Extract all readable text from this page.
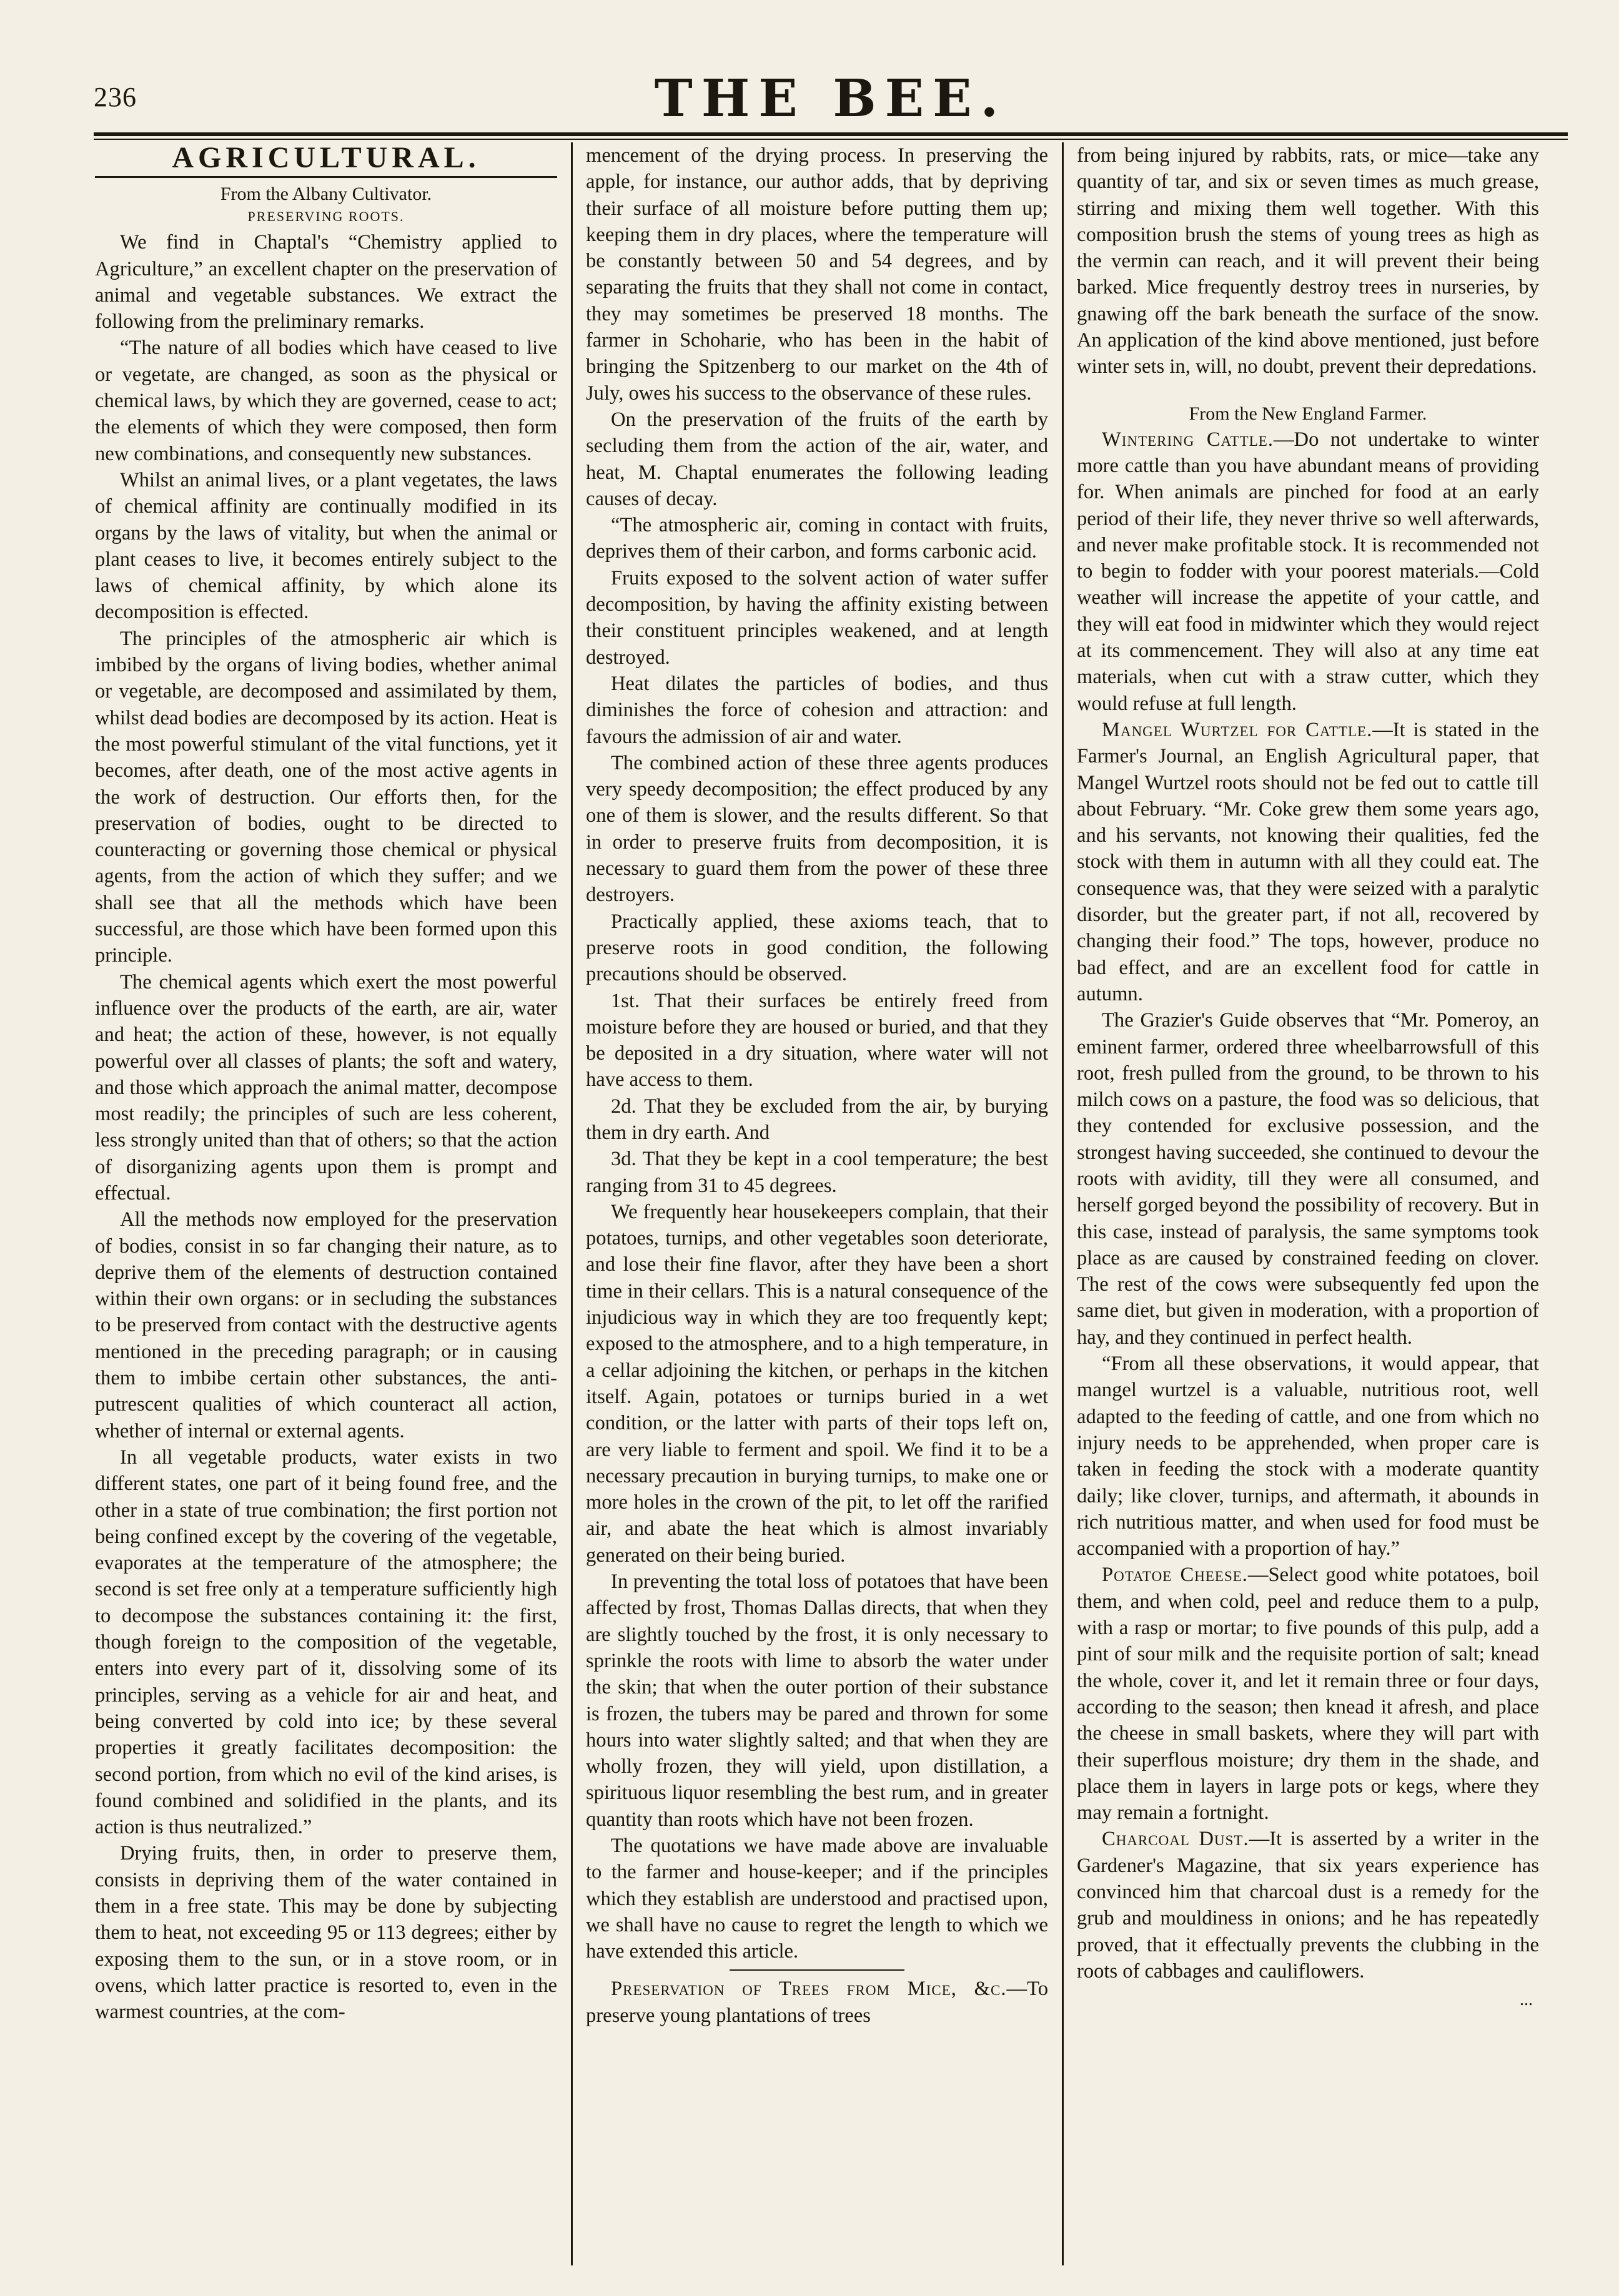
236	THE BEE.
AGRICULTURAL.
From the Albany Cultivator.
PRESERVING ROOTS.

We find in Chaptal's “Chemistry applied to Agriculture,” an excellent chapter on the preservation of animal and vegetable substances. We extract the following from the preliminary remarks.

“The nature of all bodies which have ceased to live or vegetate, are changed, as soon as the physical or chemical laws, by which they are governed, cease to act; the elements of which they were composed, then form new combinations, and consequently new substances.

Whilst an animal lives, or a plant vegetates, the laws of chemical affinity are continually modified in its organs by the laws of vitality, but when the animal or plant ceases to live, it becomes entirely subject to the laws of chemical affinity, by which alone its decomposition is effected.

The principles of the atmospheric air which is imbibed by the organs of living bodies, whether animal or vegetable, are decomposed and assimilated by them, whilst dead bodies are decomposed by its action. Heat is the most powerful stimulant of the vital functions, yet it becomes, after death, one of the most active agents in the work of destruction. Our efforts then, for the preservation of bodies, ought to be directed to counteracting or governing those chemical or physical agents, from the action of which they suffer; and we shall see that all the methods which have been successful, are those which have been formed upon this principle.

The chemical agents which exert the most powerful influence over the products of the earth, are air, water and heat; the action of these, however, is not equally powerful over all classes of plants; the soft and watery, and those which approach the animal matter, decompose most readily; the principles of such are less coherent, less strongly united than that of others; so that the action of disorganizing agents upon them is prompt and effectual.

All the methods now employed for the preservation of bodies, consist in so far changing their nature, as to deprive them of the elements of destruction contained within their own organs: or in secluding the substances to be preserved from contact with the destructive agents mentioned in the preceding paragraph; or in causing them to imbibe certain other substances, the anti-putrescent qualities of which counteract all action, whether of internal or external agents.

In all vegetable products, water exists in two different states, one part of it being found free, and the other in a state of true combination; the first portion not being confined except by the covering of the vegetable, evaporates at the temperature of the atmosphere; the second is set free only at a temperature sufficiently high to decompose the substances containing it: the first, though foreign to the composition of the vegetable, enters into every part of it, dissolving some of its principles, serving as a vehicle for air and heat, and being converted by cold into ice; by these several properties it greatly facilitates decomposition: the second portion, from which no evil of the kind arises, is found combined and solidified in the plants, and its action is thus neutralized.”

Drying fruits, then, in order to preserve them, consists in depriving them of the water contained in them in a free state. This may be done by subjecting them to heat, not exceeding 95 or 113 degrees; either by exposing them to the sun, or in a stove room, or in ovens, which latter practice is resorted to, even in the warmest countries, at the com-

mencement of the drying process. In preserving the apple, for instance, our author adds, that by depriving their surface of all moisture before putting them up; keeping them in dry places, where the temperature will be constantly between 50 and 54 degrees, and by separating the fruits that they shall not come in contact, they may sometimes be preserved 18 months. The farmer in Schoharie, who has been in the habit of bringing the Spitzenberg to our market on the 4th of July, owes his success to the observance of these rules.

On the preservation of the fruits of the earth by secluding them from the action of the air, water, and heat, M. Chaptal enumerates the following leading causes of decay.

“The atmospheric air, coming in contact with fruits, deprives them of their carbon, and forms carbonic acid.

Fruits exposed to the solvent action of water suffer decomposition, by having the affinity existing between their constituent principles weakened, and at length destroyed.

Heat dilates the particles of bodies, and thus diminishes the force of cohesion and attraction: and favours the admission of air and water.

The combined action of these three agents produces very speedy decomposition; the effect produced by any one of them is slower, and the results different. So that in order to preserve fruits from decomposition, it is necessary to guard them from the power of these three destroyers.

Practically applied, these axioms teach, that to preserve roots in good condition, the following precautions should be observed.

1st. That their surfaces be entirely freed from moisture before they are housed or buried, and that they be deposited in a dry situation, where water will not have access to them.

2d. That they be excluded from the air, by burying them in dry earth. And

3d. That they be kept in a cool temperature; the best ranging from 31 to 45 degrees.

We frequently hear housekeepers complain, that their potatoes, turnips, and other vegetables soon deteriorate, and lose their fine flavor, after they have been a short time in their cellars. This is a natural consequence of the injudicious way in which they are too frequently kept; exposed to the atmosphere, and to a high temperature, in a cellar adjoining the kitchen, or perhaps in the kitchen itself. Again, potatoes or turnips buried in a wet condition, or the latter with parts of their tops left on, are very liable to ferment and spoil. We find it to be a necessary precaution in burying turnips, to make one or more holes in the crown of the pit, to let off the rarified air, and abate the heat which is almost invariably generated on their being buried.

In preventing the total loss of potatoes that have been affected by frost, Thomas Dallas directs, that when they are slightly touched by the frost, it is only necessary to sprinkle the roots with lime to absorb the water under the skin; that when the outer portion of their substance is frozen, the tubers may be pared and thrown for some hours into water slightly salted; and that when they are wholly frozen, they will yield, upon distillation, a spirituous liquor resembling the best rum, and in greater quantity than roots which have not been frozen.

The quotations we have made above are invaluable to the farmer and house-keeper; and if the principles which they establish are understood and practised upon, we shall have no cause to regret the length to which we have extended this article.

Preservation of Trees from Mice, &c.—To preserve young plantations of trees

from being injured by rabbits, rats, or mice—take any quantity of tar, and six or seven times as much grease, stirring and mixing them well together. With this composition brush the stems of young trees as high as the vermin can reach, and it will prevent their being barked. Mice frequently destroy trees in nurseries, by gnawing off the bark beneath the surface of the snow. An application of the kind above mentioned, just before winter sets in, will, no doubt, prevent their depredations.

From the New England Farmer.

Wintering Cattle.—Do not undertake to winter more cattle than you have abundant means of providing for. When animals are pinched for food at an early period of their life, they never thrive so well afterwards, and never make profitable stock. It is recommended not to begin to fodder with your poorest materials.—Cold weather will increase the appetite of your cattle, and they will eat food in midwinter which they would reject at its commencement. They will also at any time eat materials, when cut with a straw cutter, which they would refuse at full length.

Mangel Wurtzel for Cattle.—It is stated in the Farmer's Journal, an English Agricultural paper, that Mangel Wurtzel roots should not be fed out to cattle till about February. “Mr. Coke grew them some years ago, and his servants, not knowing their qualities, fed the stock with them in autumn with all they could eat. The consequence was, that they were seized with a paralytic disorder, but the greater part, if not all, recovered by changing their food.” The tops, however, produce no bad effect, and are an excellent food for cattle in autumn.

The Grazier's Guide observes that “Mr. Pomeroy, an eminent farmer, ordered three wheelbarrowsfull of this root, fresh pulled from the ground, to be thrown to his milch cows on a pasture, the food was so delicious, that they contended for exclusive possession, and the strongest having succeeded, she continued to devour the roots with avidity, till they were all consumed, and herself gorged beyond the possibility of recovery. But in this case, instead of paralysis, the same symptoms took place as are caused by constrained feeding on clover. The rest of the cows were subsequently fed upon the same diet, but given in moderation, with a proportion of hay, and they continued in perfect health.

“From all these observations, it would appear, that mangel wurtzel is a valuable, nutritious root, well adapted to the feeding of cattle, and one from which no injury needs to be apprehended, when proper care is taken in feeding the stock with a moderate quantity daily; like clover, turnips, and aftermath, it abounds in rich nutritious matter, and when used for food must be accompanied with a proportion of hay.”

Potatoe Cheese.—Select good white potatoes, boil them, and when cold, peel and reduce them to a pulp, with a rasp or mortar; to five pounds of this pulp, add a pint of sour milk and the requisite portion of salt; knead the whole, cover it, and let it remain three or four days, according to the season; then knead it afresh, and place the cheese in small baskets, where they will part with their superflous moisture; dry them in the shade, and place them in layers in large pots or kegs, where they may remain a fortnight.

Charcoal Dust.—It is asserted by a writer in the Gardener's Magazine, that six years experience has convinced him that charcoal dust is a remedy for the grub and mouldiness in onions; and he has repeatedly proved, that it effectually prevents the clubbing in the roots of cabbages and cauliflowers.

...
